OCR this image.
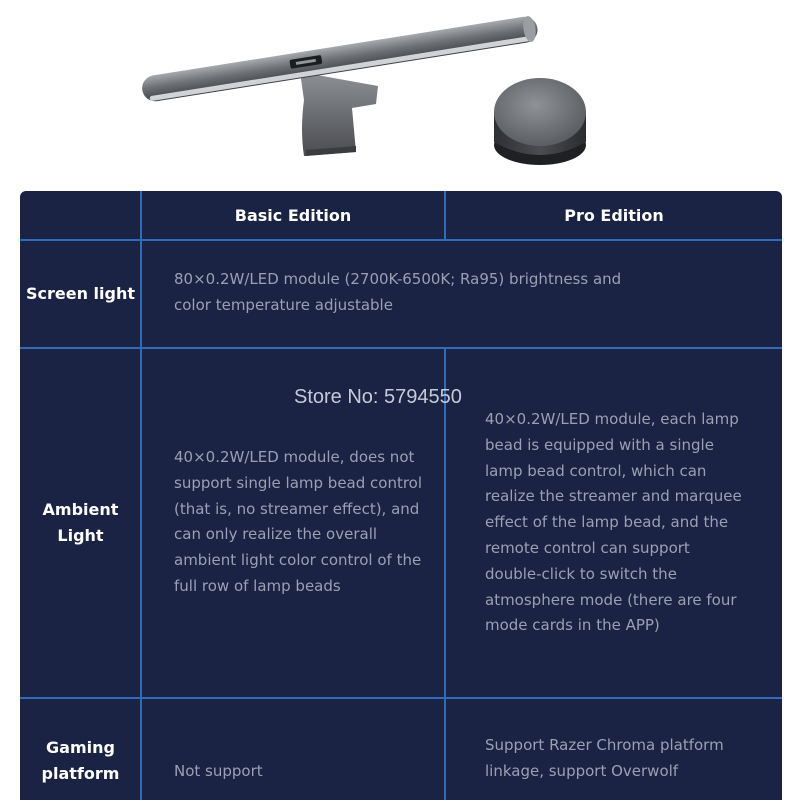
Basic Edition	Pro Edition
Screen light
80×0.2W/LED module (2700K-6500K; Ra95) brightness and color temperature adjustable
Ambient Light
40×0.2W/LED module, does not support single lamp bead control (that is, no streamer effect), and can only realize the overall ambient light color control of the full row of lamp beads
40×0.2W/LED module, each lamp bead is equipped with a single lamp bead control, which can realize the streamer and marquee effect of the lamp bead, and the remote control can support double-click to switch the atmosphere mode (there are four mode cards in the APP)
Gaming platform	Not support
Support Razer Chroma platform linkage, support Overwolf
Store No: 5794550
